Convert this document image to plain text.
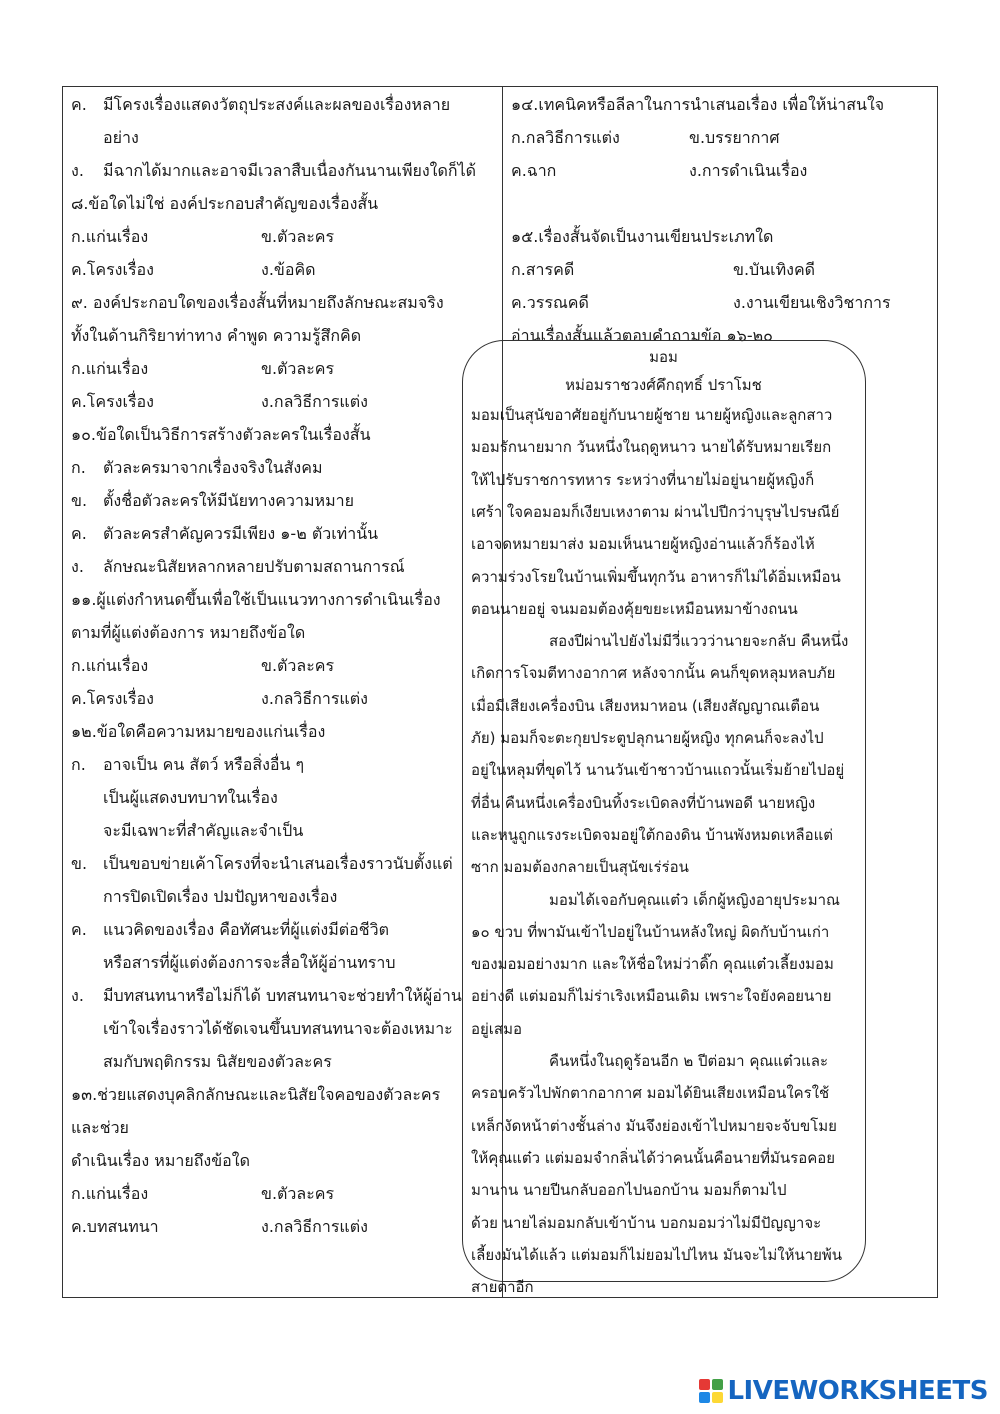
ค. มีโครงเรื่องแสดงวัตถุประสงค์และผลของเรื่องหลาย
อย่าง
ง. มีฉากได้มากและอาจมีเวลาสืบเนื่องกันนานเพียงใดก็ได้
๘.ข้อใดไม่ใช่ องค์ประกอบสำคัญของเรื่องสั้น
ก.แก่นเรื่อง	ข.ตัวละคร
ค.โครงเรื่อง	ง.ข้อคิด
๙. องค์ประกอบใดของเรื่องสั้นที่หมายถึงลักษณะสมจริง
ทั้งในด้านกิริยาท่าทาง คำพูด ความรู้สึกคิด
ก.แก่นเรื่อง	ข.ตัวละคร
ค.โครงเรื่อง	ง.กลวิธีการแต่ง
๑๐.ข้อใดเป็นวิธีการสร้างตัวละครในเรื่องสั้น
ก. ตัวละครมาจากเรื่องจริงในสังคม
ข. ตั้งชื่อตัวละครให้มีนัยทางความหมาย
ค. ตัวละครสำคัญควรมีเพียง ๑-๒ ตัวเท่านั้น
ง. ลักษณะนิสัยหลากหลายปรับตามสถานการณ์
๑๑.ผู้แต่งกำหนดขึ้นเพื่อใช้เป็นแนวทางการดำเนินเรื่อง
ตามที่ผู้แต่งต้องการ หมายถึงข้อใด
ก.แก่นเรื่อง	ข.ตัวละคร
ค.โครงเรื่อง	ง.กลวิธีการแต่ง
๑๒.ข้อใดคือความหมายของแก่นเรื่อง
ก. อาจเป็น คน สัตว์ หรือสิ่งอื่น ๆ
เป็นผู้แสดงบทบาทในเรื่อง
จะมีเฉพาะที่สำคัญและจำเป็น
ข. เป็นขอบข่ายเค้าโครงที่จะนำเสนอเรื่องราวนับตั้งแต่
การปิดเปิดเรื่อง ปมปัญหาของเรื่อง
ค. แนวคิดของเรื่อง คือทัศนะที่ผู้แต่งมีต่อชีวิต
หรือสารที่ผู้แต่งต้องการจะสื่อให้ผู้อ่านทราบ
ง. มีบทสนทนาหรือไม่ก็ได้ บทสนทนาจะช่วยทำให้ผู้อ่าน
เข้าใจเรื่องราวได้ชัดเจนขึ้นบทสนทนาจะต้องเหมาะ
สมกับพฤติกรรม นิสัยของตัวละคร
๑๓.ช่วยแสดงบุคลิกลักษณะและนิสัยใจคอของตัวละคร
และช่วย
ดำเนินเรื่อง หมายถึงข้อใด
ก.แก่นเรื่อง	ข.ตัวละคร
ค.บทสนทนา	ง.กลวิธีการแต่ง
๑๔.เทคนิคหรือลีลาในการนำเสนอเรื่อง เพื่อให้น่าสนใจ
ก.กลวิธีการแต่ง	ข.บรรยากาศ
ค.ฉาก	ง.การดำเนินเรื่อง
๑๕.เรื่องสั้นจัดเป็นงานเขียนประเภทใด
ก.สารคดี	ข.บันเทิงคดี
ค.วรรณคดี	ง.งานเขียนเชิงวิชาการ
อ่านเรื่องสั้นแล้วตอบคำถามข้อ ๑๖-๒๐
มอม
หม่อมราชวงศ์คึกฤทธิ์ ปราโมช
มอมเป็นสุนัขอาศัยอยู่กับนายผู้ชาย นายผู้หญิงและลูกสาว
มอมรักนายมาก วันหนึ่งในฤดูหนาว นายได้รับหมายเรียก
ให้ไปรับราชการทหาร ระหว่างที่นายไม่อยู่นายผู้หญิงก็
เศร้า ใจคอมอมก็เงียบเหงาตาม ผ่านไปปีกว่าบุรุษไปรษณีย์
เอาจดหมายมาส่ง มอมเห็นนายผู้หญิงอ่านแล้วก็ร้องไห้
ความร่วงโรยในบ้านเพิ่มขึ้นทุกวัน อาหารก็ไม่ได้อิ่มเหมือน
ตอนนายอยู่ จนมอมต้องคุ้ยขยะเหมือนหมาข้างถนน
สองปีผ่านไปยังไม่มีวี่แววว่านายจะกลับ คืนหนึ่ง
เกิดการโจมตีทางอากาศ หลังจากนั้น คนก็ขุดหลุมหลบภัย
เมื่อมีเสียงเครื่องบิน เสียงหมาหอน (เสียงสัญญาณเตือน
ภัย) มอมก็จะตะกุยประตูปลุกนายผู้หญิง ทุกคนก็จะลงไป
อยู่ในหลุมที่ขุดไว้ นานวันเข้าชาวบ้านแถวนั้นเริ่มย้ายไปอยู่
ที่อื่น คืนหนึ่งเครื่องบินทิ้งระเบิดลงที่บ้านพอดี นายหญิง
และหนูถูกแรงระเบิดจมอยู่ใต้กองดิน บ้านพังหมดเหลือแต่
ซาก มอมต้องกลายเป็นสุนัขเร่ร่อน
มอมได้เจอกับคุณแต๋ว เด็กผู้หญิงอายุประมาณ
๑๐ ขวบ ที่พามันเข้าไปอยู่ในบ้านหลังใหญ่ ผิดกับบ้านเก่า
ของมอมอย่างมาก และให้ชื่อใหม่ว่าดิ๊ก คุณแต๋วเลี้ยงมอม
อย่างดี แต่มอมก็ไม่ร่าเริงเหมือนเดิม เพราะใจยังคอยนาย
อยู่เสมอ
คืนหนึ่งในฤดูร้อนอีก ๒ ปีต่อมา คุณแต๋วและ
ครอบครัวไปพักตากอากาศ มอมได้ยินเสียงเหมือนใครใช้
เหล็กงัดหน้าต่างชั้นล่าง มันจึงย่องเข้าไปหมายจะจับขโมย
ให้คุณแต๋ว แต่มอมจำกลิ่นได้ว่าคนนั้นคือนายที่มันรอคอย
มานาน นายปีนกลับออกไปนอกบ้าน มอมก็ตามไป
ด้วย นายไล่มอมกลับเข้าบ้าน บอกมอมว่าไม่มีปัญญาจะ
เลี้ยงมันได้แล้ว แต่มอมก็ไม่ยอมไปไหน มันจะไม่ให้นายพ้น
สายตาอีก
LIVEWORKSHEETS
